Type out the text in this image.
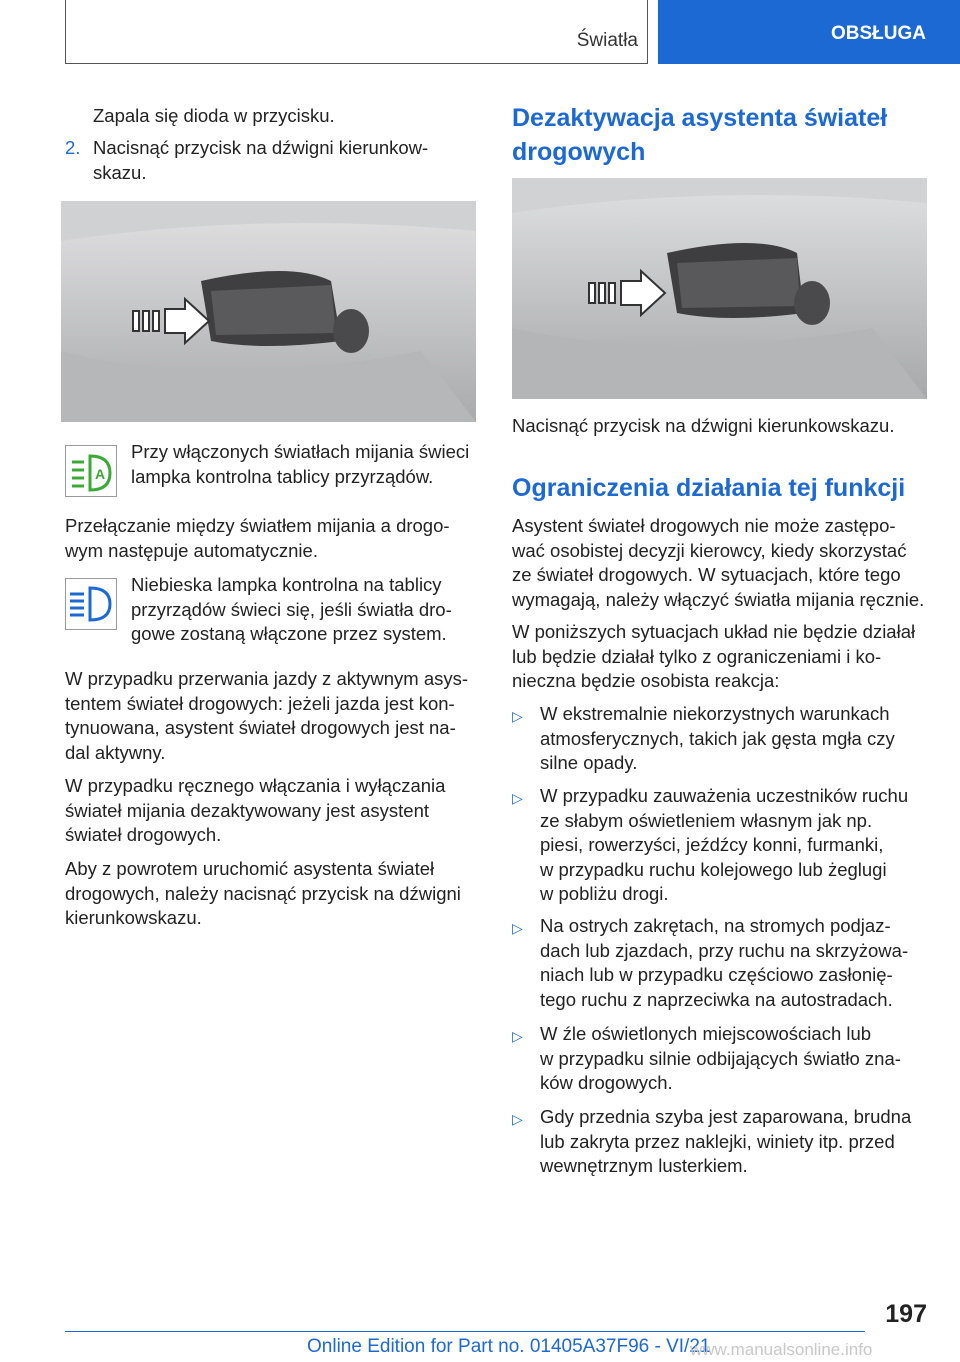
Światła	OBSŁUGA
Zapala się dioda w przycisku.
2. Nacisnąć przycisk na dźwigni kierunkow-
skazu.
A
Przy włączonych światłach mijania świeci
lampka kontrolna tablicy przyrządów.
Przełączanie między światłem mijania a drogo-
wym następuje automatycznie.
Niebieska lampka kontrolna na tablicy
przyrządów świeci się, jeśli światła dro-
gowe zostaną włączone przez system.
W przypadku przerwania jazdy z aktywnym asys-
tentem świateł drogowych: jeżeli jazda jest kon-
tynuowana, asystent świateł drogowych jest na-
dal aktywny.
W przypadku ręcznego włączania i wyłączania
świateł mijania dezaktywowany jest asystent
świateł drogowych.
Aby z powrotem uruchomić asystenta świateł
drogowych, należy nacisnąć przycisk na dźwigni
kierunkowskazu.
Dezaktywacja asystenta świateł
drogowych
Nacisnąć przycisk na dźwigni kierunkowskazu.
Ograniczenia działania tej funkcji
Asystent świateł drogowych nie może zastępo-
wać osobistej decyzji kierowcy, kiedy skorzystać
ze świateł drogowych. W sytuacjach, które tego
wymagają, należy włączyć światła mijania ręcznie.
W poniższych sytuacjach układ nie będzie działał
lub będzie działał tylko z ograniczeniami i ko-
nieczna będzie osobista reakcja:
▷ W ekstremalnie niekorzystnych warunkach
atmosferycznych, takich jak gęsta mgła czy
silne opady.
▷ W przypadku zauważenia uczestników ruchu
ze słabym oświetleniem własnym jak np.
piesi, rowerzyści, jeźdźcy konni, furmanki,
w przypadku ruchu kolejowego lub żeglugi
w pobliżu drogi.
▷ Na ostrych zakrętach, na stromych podjaz-
dach lub zjazdach, przy ruchu na skrzyżowa-
niach lub w przypadku częściowo zasłonię-
tego ruchu z naprzeciwka na autostradach.
▷ W źle oświetlonych miejscowościach lub
w przypadku silnie odbijających światło zna-
ków drogowych.
▷ Gdy przednia szyba jest zaparowana, brudna
lub zakryta przez naklejki, winiety itp. przed
wewnętrznym lusterkiem.
197
Online Edition for Part no. 01405A37F96 - VI/21
www.manualsonline.info
